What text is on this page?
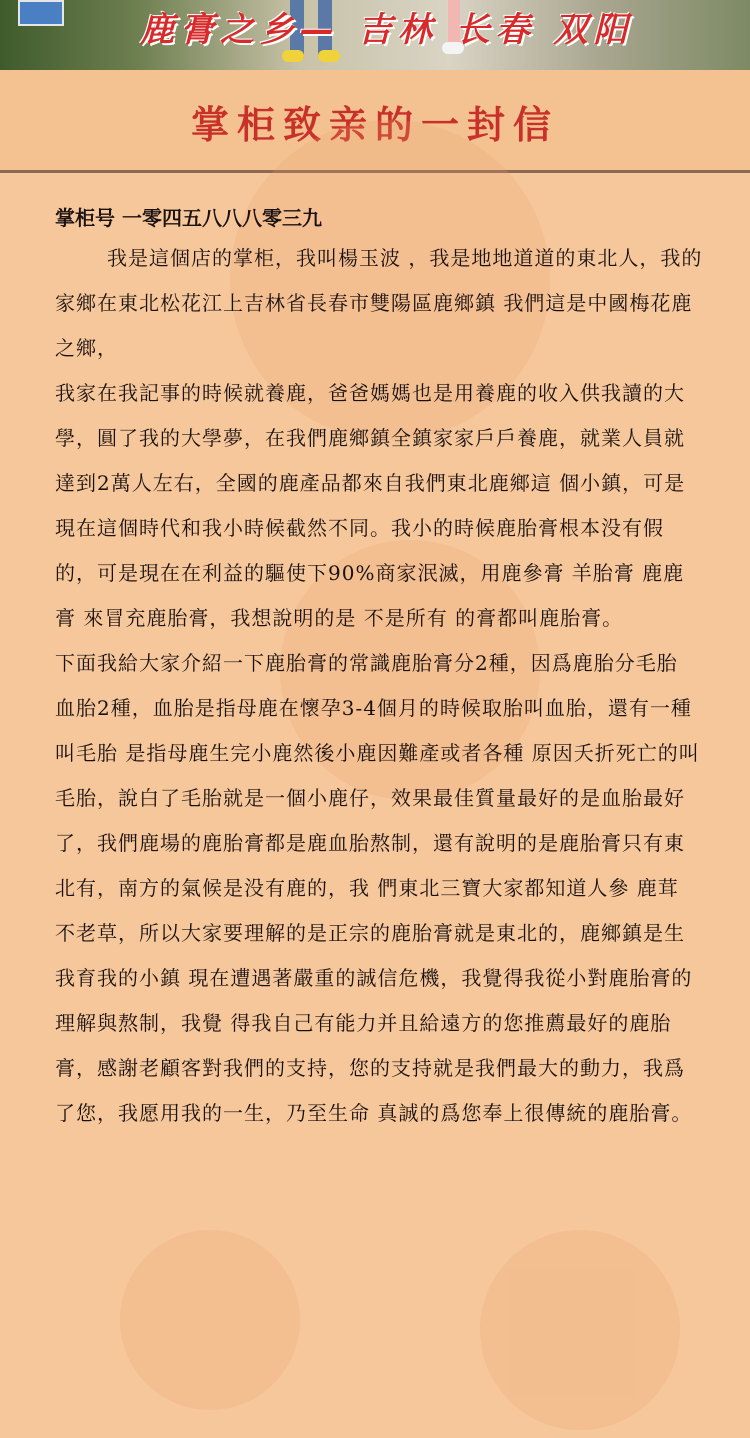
鹿膏之乡— 吉林 长春 双阳
掌柜致亲的一封信

掌柜号 一零四五八八八零三九

我是這個店的掌柜，我叫楊玉波 ，我是地地道道的東北人，我的家鄉在東北松花江上吉林省長春市雙陽區鹿鄉鎮 我們這是中國梅花鹿之鄉，

我家在我記事的時候就養鹿，爸爸媽媽也是用養鹿的收入供我讀的大學，圓了我的大學夢，在我們鹿鄉鎮全鎮家家戶戶養鹿，就業人員就達到2萬人左右，全國的鹿產品都來自我們東北鹿鄉這 個小鎮，可是現在這個時代和我小時候截然不同。我小的時候鹿胎膏根本没有假的，可是現在在利益的驅使下90%商家泯滅，用鹿參膏 羊胎膏 鹿鹿膏 來冒充鹿胎膏，我想說明的是 不是所有 的膏都叫鹿胎膏。

下面我給大家介紹一下鹿胎膏的常識鹿胎膏分2種，因爲鹿胎分毛胎 血胎2種，血胎是指母鹿在懷孕3-4個月的時候取胎叫血胎，還有一種叫毛胎 是指母鹿生完小鹿然後小鹿因難產或者各種 原因夭折死亡的叫毛胎，說白了毛胎就是一個小鹿仔，效果最佳質量最好的是血胎最好了，我們鹿場的鹿胎膏都是鹿血胎熬制，還有說明的是鹿胎膏只有東北有，南方的氣候是没有鹿的，我 們東北三寶大家都知道人參 鹿茸 不老草，所以大家要理解的是正宗的鹿胎膏就是東北的，鹿鄉鎮是生我育我的小鎮 現在遭遇著嚴重的誠信危機，我覺得我從小對鹿胎膏的理解與熬制，我覺 得我自己有能力并且給遠方的您推薦最好的鹿胎膏，感謝老顧客對我們的支持，您的支持就是我們最大的動力，我爲了您，我愿用我的一生，乃至生命 真誠的爲您奉上很傳統的鹿胎膏。
